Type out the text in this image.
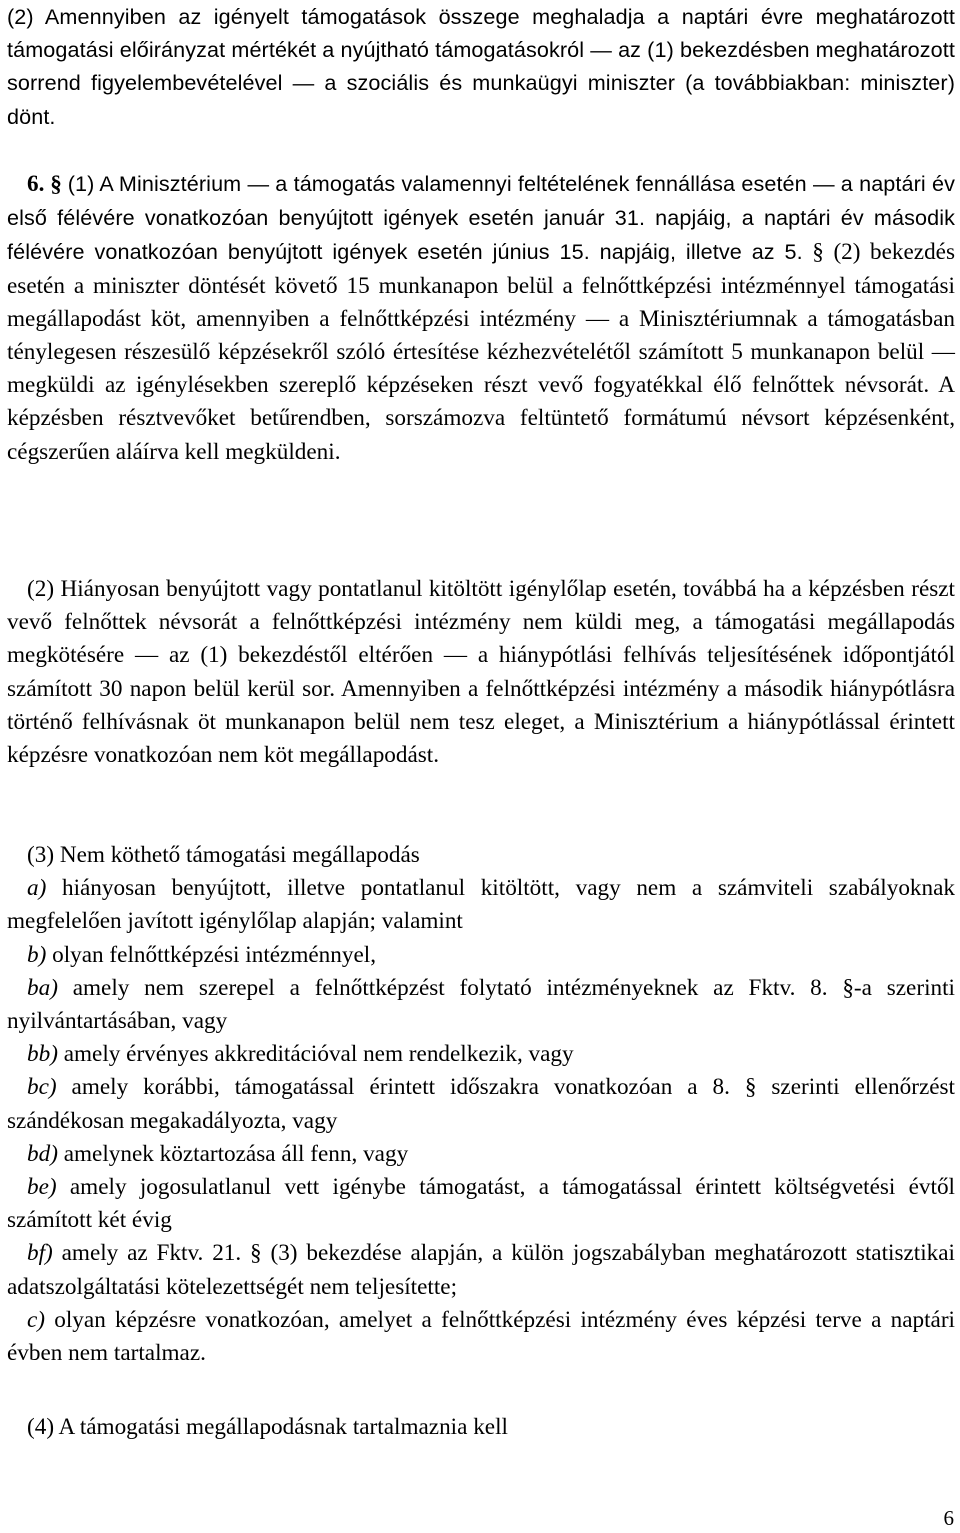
(2) Amennyiben az igényelt támogatások összege meghaladja a naptári évre meghatározott támogatási előirányzat mértékét a nyújtható támogatásokról ― az (1) bekezdésben meghatározott sorrend figyelembevételével ― a szociális és munkaügyi miniszter (a továbbiakban: miniszter) dönt.

6. § (1) A Minisztérium ― a támogatás valamennyi feltételének fennállása esetén ― a naptári év első félévére vonatkozóan benyújtott igények esetén január 31. napjáig, a naptári év második félévére vonatkozóan benyújtott igények esetén június 15. napjáig, illetve az 5. § (2) bekezdés esetén a miniszter döntését követő 15 munkanapon belül a felnőttképzési intézménnyel támogatási megállapodást köt, amennyiben a felnőttképzési intézmény ― a Minisztériumnak a támogatásban ténylegesen részesülő képzésekről szóló értesítése kézhezvételétől számított 5 munkanapon belül ― megküldi az igénylésekben szereplő képzéseken részt vevő fogyatékkal élő felnőttek névsorát. A képzésben résztvevőket betűrendben, sorszámozva feltüntető formátumú névsort képzésenként, cégszerűen aláírva kell megküldeni.

(2) Hiányosan benyújtott vagy pontatlanul kitöltött igénylőlap esetén, továbbá ha a képzésben részt vevő felnőttek névsorát a felnőttképzési intézmény nem küldi meg, a támogatási megállapodás megkötésére ― az (1) bekezdéstől eltérően ― a hiánypótlási felhívás teljesítésének időpontjától számított 30 napon belül kerül sor. Amennyiben a felnőttképzési intézmény a második hiánypótlásra történő felhívásnak öt munkanapon belül nem tesz eleget, a Minisztérium a hiánypótlással érintett képzésre vonatkozóan nem köt megállapodást.

(3) Nem köthető támogatási megállapodás

a) hiányosan benyújtott, illetve pontatlanul kitöltött, vagy nem a számviteli szabályoknak megfelelően javított igénylőlap alapján; valamint

b) olyan felnőttképzési intézménnyel,

ba) amely nem szerepel a felnőttképzést folytató intézményeknek az Fktv. 8. §-a szerinti nyilvántartásában, vagy

bb) amely érvényes akkreditációval nem rendelkezik, vagy

bc) amely korábbi, támogatással érintett időszakra vonatkozóan a 8. § szerinti ellenőrzést szándékosan megakadályozta, vagy

bd) amelynek köztartozása áll fenn, vagy

be) amely jogosulatlanul vett igénybe támogatást, a támogatással érintett költségvetési évtől számított két évig

bf) amely az Fktv. 21. § (3) bekezdése alapján, a külön jogszabályban meghatározott statisztikai adatszolgáltatási kötelezettségét nem teljesítette;

c) olyan képzésre vonatkozóan, amelyet a felnőttképzési intézmény éves képzési terve a naptári évben nem tartalmaz.

(4) A támogatási megállapodásnak tartalmaznia kell

6
